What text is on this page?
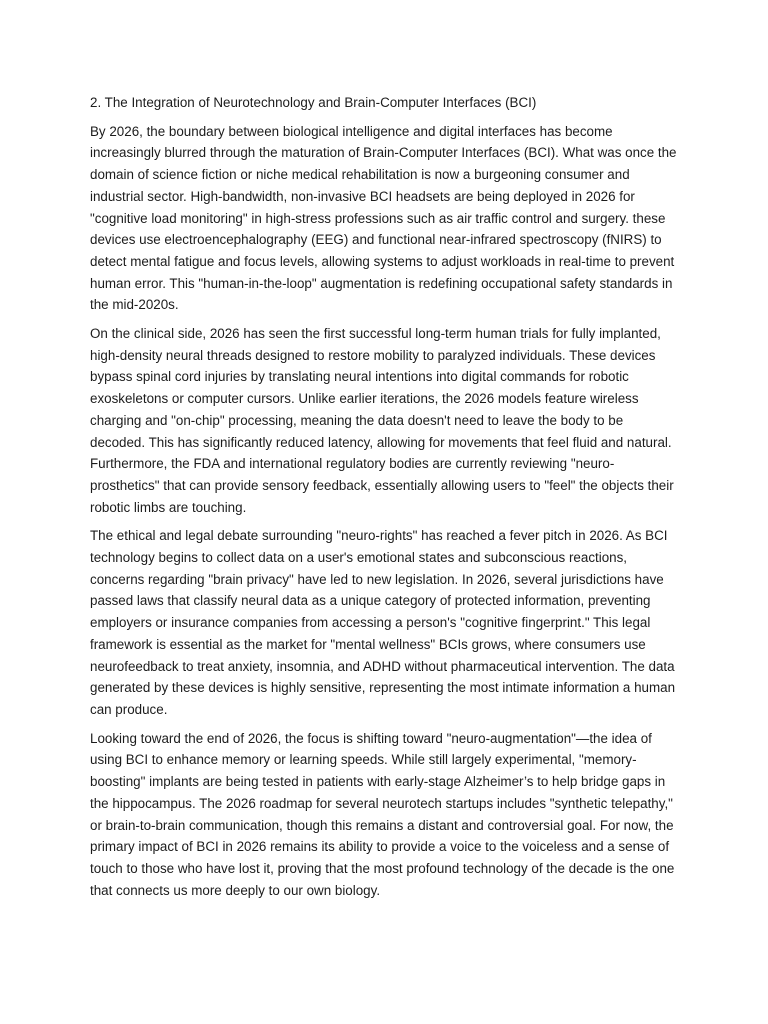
2. The Integration of Neurotechnology and Brain-Computer Interfaces (BCI)

By 2026, the boundary between biological intelligence and digital interfaces has become increasingly blurred through the maturation of Brain-Computer Interfaces (BCI). What was once the domain of science fiction or niche medical rehabilitation is now a burgeoning consumer and industrial sector. High-bandwidth, non-invasive BCI headsets are being deployed in 2026 for "cognitive load monitoring" in high-stress professions such as air traffic control and surgery. these devices use electroencephalography (EEG) and functional near-infrared spectroscopy (fNIRS) to detect mental fatigue and focus levels, allowing systems to adjust workloads in real-time to prevent human error. This "human-in-the-loop" augmentation is redefining occupational safety standards in the mid-2020s.

On the clinical side, 2026 has seen the first successful long-term human trials for fully implanted, high-density neural threads designed to restore mobility to paralyzed individuals. These devices bypass spinal cord injuries by translating neural intentions into digital commands for robotic exoskeletons or computer cursors. Unlike earlier iterations, the 2026 models feature wireless charging and "on-chip" processing, meaning the data doesn't need to leave the body to be decoded. This has significantly reduced latency, allowing for movements that feel fluid and natural. Furthermore, the FDA and international regulatory bodies are currently reviewing "neuro-prosthetics" that can provide sensory feedback, essentially allowing users to "feel" the objects their robotic limbs are touching.

The ethical and legal debate surrounding "neuro-rights" has reached a fever pitch in 2026. As BCI technology begins to collect data on a user's emotional states and subconscious reactions, concerns regarding "brain privacy" have led to new legislation. In 2026, several jurisdictions have passed laws that classify neural data as a unique category of protected information, preventing employers or insurance companies from accessing a person's "cognitive fingerprint." This legal framework is essential as the market for "mental wellness" BCIs grows, where consumers use neurofeedback to treat anxiety, insomnia, and ADHD without pharmaceutical intervention. The data generated by these devices is highly sensitive, representing the most intimate information a human can produce.

Looking toward the end of 2026, the focus is shifting toward "neuro-augmentation"—the idea of using BCI to enhance memory or learning speeds. While still largely experimental, "memory-boosting" implants are being tested in patients with early-stage Alzheimer’s to help bridge gaps in the hippocampus. The 2026 roadmap for several neurotech startups includes "synthetic telepathy," or brain-to-brain communication, though this remains a distant and controversial goal. For now, the primary impact of BCI in 2026 remains its ability to provide a voice to the voiceless and a sense of touch to those who have lost it, proving that the most profound technology of the decade is the one that connects us more deeply to our own biology.
